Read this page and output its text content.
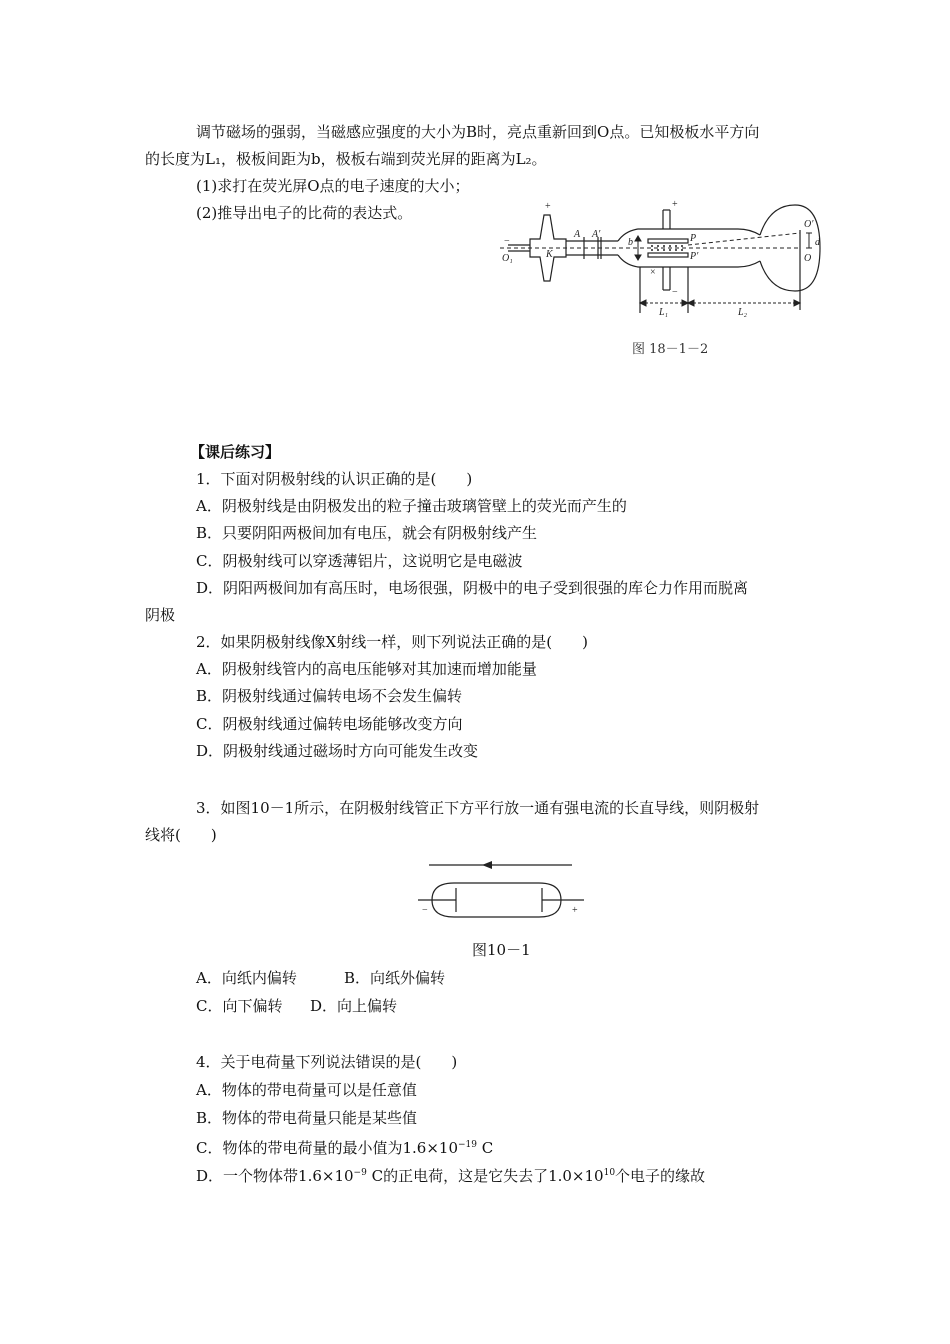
调节磁场的强弱，当磁感应强度的大小为B时，亮点重新回到O点。已知极板水平方向
的长度为L₁，极板间距为b，极板右端到荧光屏的距离为L₂。
(1)求打在荧光屏O点的电子速度的大小；
(2)推导出电子的比荷的表达式。
O₁	K
A A′
b	P
P′
O′
O
d
L₁	L₂
+	+
−
−
×
图 18－1－2
【课后练习】
1．下面对阴极射线的认识正确的是(　　)
A．阴极射线是由阴极发出的粒子撞击玻璃管壁上的荧光而产生的
B．只要阴阳两极间加有电压，就会有阴极射线产生
C．阴极射线可以穿透薄铝片，这说明它是电磁波
D．阴阳两极间加有高压时，电场很强，阴极中的电子受到很强的库仑力作用而脱离
阴极
2．如果阴极射线像X射线一样，则下列说法正确的是(　　)
A．阴极射线管内的高电压能够对其加速而增加能量
B．阴极射线通过偏转电场不会发生偏转
C．阴极射线通过偏转电场能够改变方向
D．阴极射线通过磁场时方向可能发生改变
3．如图10－1所示，在阴极射线管正下方平行放一通有强电流的长直导线，则阴极射
线将(　　)
−	+
图10－1
A．向纸内偏转	B．向纸外偏转
C．向下偏转 D．向上偏转
4．关于电荷量下列说法错误的是(　　)
A．物体的带电荷量可以是任意值
B．物体的带电荷量只能是某些值
C．物体的带电荷量的最小值为$1.6\times 10^{-19}$ C
D．一个物体带$1.6\times 10^{-9}$ C的正电荷，这是它失去了$1.0\times 10^{10}$个电子的缘故
